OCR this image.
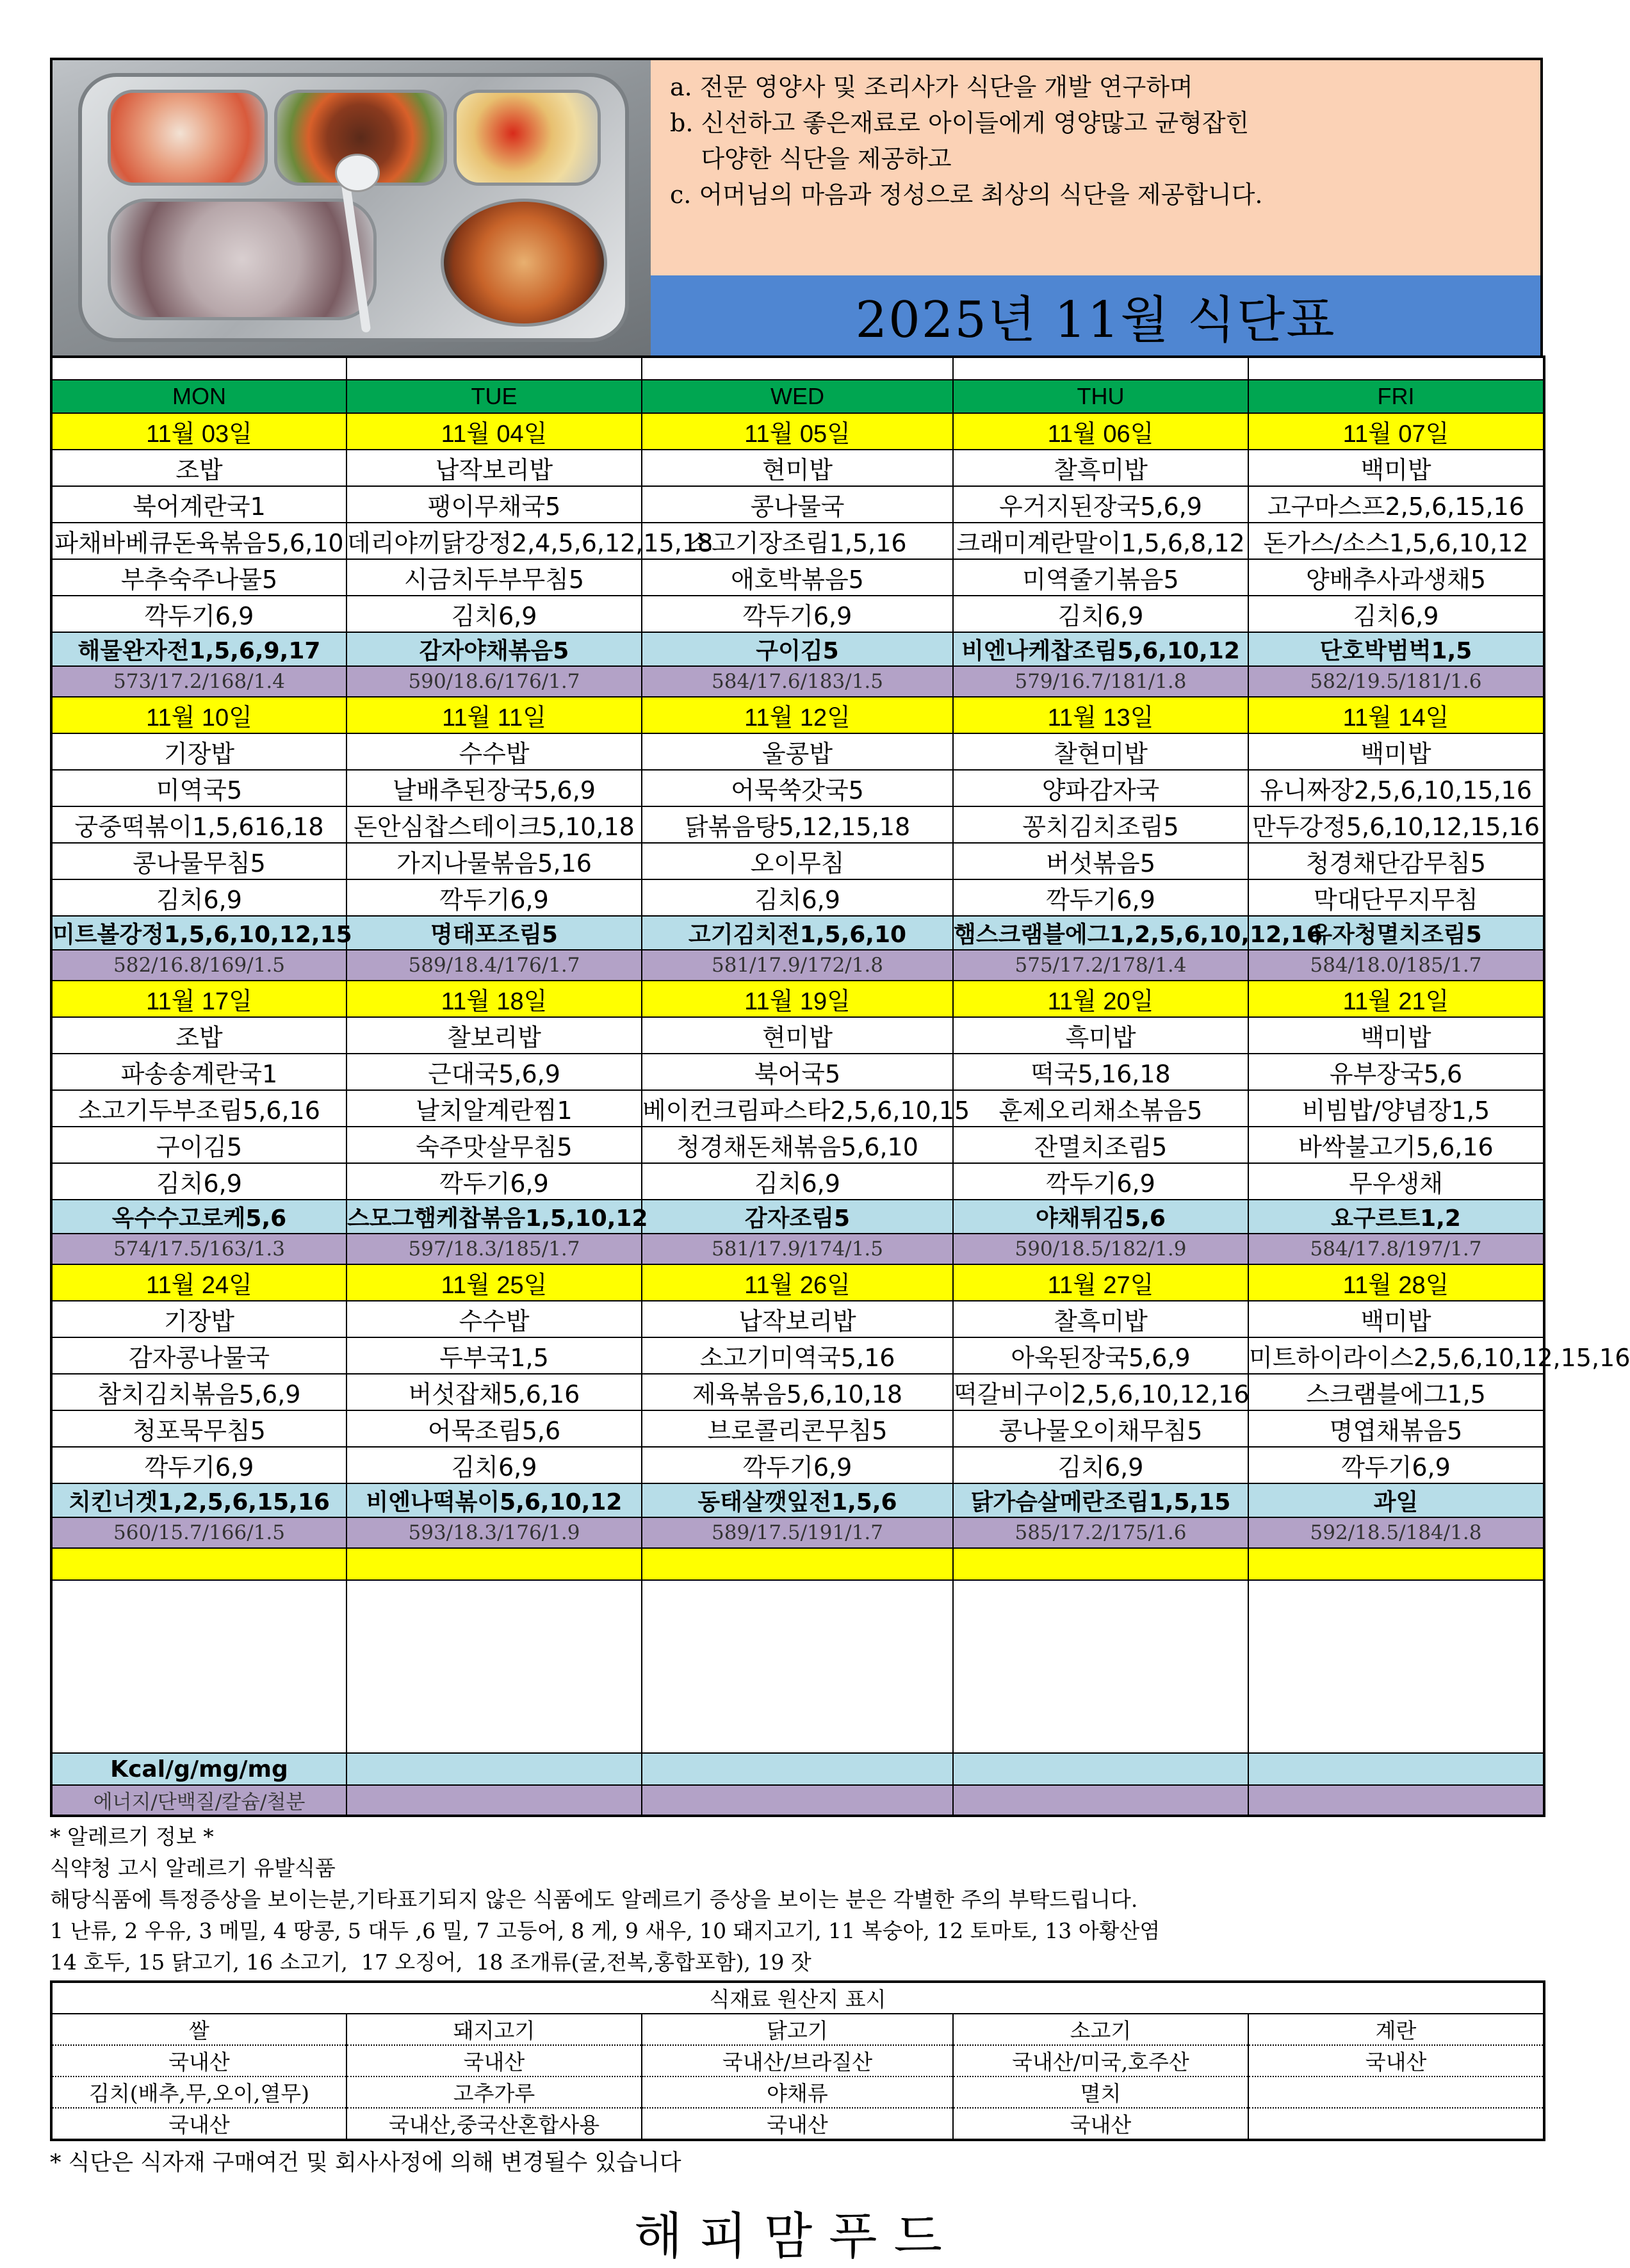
a. 전문 영양사 및 조리사가 식단을 개발 연구하며

b. 신선하고 좋은재료로 아이들에게 영양많고 균형잡힌

다양한 식단을 제공하고

c. 어머님의 마음과 정성으로 최상의 식단을 제공합니다.

2025년 11월 식단표

MON	TUE	WED	THU	FRI
11월 03일	11월 04일	11월 05일	11월 06일	11월 07일
조밥	납작보리밥	현미밥	찰흑미밥	백미밥
북어계란국1	팽이무채국5	콩나물국	우거지된장국5,6,9	고구마스프2,5,6,15,16
파채바베큐돈육볶음5,6,10	데리야끼닭강정2,4,5,6,12,15,18	소고기장조림1,5,16	크래미계란말이1,5,6,8,12	돈가스/소스1,5,6,10,12
부추숙주나물5	시금치두부무침5	애호박볶음5	미역줄기볶음5	양배추사과생채5
깍두기6,9	김치6,9	깍두기6,9	김치6,9	김치6,9
해물완자전1,5,6,9,17	감자야채볶음5	구이김5	비엔나케찹조림5,6,10,12	단호박범벅1,5
573/17.2/168/1.4	590/18.6/176/1.7	584/17.6/183/1.5	579/16.7/181/1.8	582/19.5/181/1.6
11월 10일	11월 11일	11월 12일	11월 13일	11월 14일
기장밥	수수밥	울콩밥	찰현미밥	백미밥
미역국5	날배추된장국5,6,9	어묵쑥갓국5	양파감자국	유니짜장2,5,6,10,15,16
궁중떡볶이1,5,616,18	돈안심찹스테이크5,10,18	닭볶음탕5,12,15,18	꽁치김치조림5	만두강정5,6,10,12,15,16
콩나물무침5	가지나물볶음5,16	오이무침	버섯볶음5	청경채단감무침5
김치6,9	깍두기6,9	김치6,9	깍두기6,9	막대단무지무침
미트볼강정1,5,6,10,12,15	명태포조림5	고기김치전1,5,6,10	햄스크램블에그1,2,5,6,10,12,16	유자청멸치조림5
582/16.8/169/1.5	589/18.4/176/1.7	581/17.9/172/1.8	575/17.2/178/1.4	584/18.0/185/1.7
11월 17일	11월 18일	11월 19일	11월 20일	11월 21일
조밥	찰보리밥	현미밥	흑미밥	백미밥
파송송계란국1	근대국5,6,9	북어국5	떡국5,16,18	유부장국5,6
소고기두부조림5,6,16	날치알계란찜1	베이컨크림파스타2,5,6,10,15	훈제오리채소볶음5	비빔밥/양념장1,5
구이김5	숙주맛살무침5	청경채돈채볶음5,6,10	잔멸치조림5	바싹불고기5,6,16
김치6,9	깍두기6,9	김치6,9	깍두기6,9	무우생채
옥수수고로케5,6	스모그햄케찹볶음1,5,10,12	감자조림5	야채튀김5,6	요구르트1,2
574/17.5/163/1.3	597/18.3/185/1.7	581/17.9/174/1.5	590/18.5/182/1.9	584/17.8/197/1.7
11월 24일	11월 25일	11월 26일	11월 27일	11월 28일
기장밥	수수밥	납작보리밥	찰흑미밥	백미밥
감자콩나물국	두부국1,5	소고기미역국5,16	아욱된장국5,6,9	미트하이라이스2,5,6,10,12,15,16
참치김치볶음5,6,9	버섯잡채5,6,16	제육볶음5,6,10,18	떡갈비구이2,5,6,10,12,16	스크램블에그1,5
청포묵무침5	어묵조림5,6	브로콜리콘무침5	콩나물오이채무침5	명엽채볶음5
깍두기6,9	김치6,9	깍두기6,9	김치6,9	깍두기6,9
치킨너겟1,2,5,6,15,16	비엔나떡볶이5,6,10,12	동태살깻잎전1,5,6	닭가슴살메란조림1,5,15	과일
560/15.7/166/1.5	593/18.3/176/1.9	589/17.5/191/1.7	585/17.2/175/1.6	592/18.5/184/1.8

Kcal/g/mg/mg				
에너지/단백질/칼슘/철분				

* 알레르기 정보 *

식약청 고시 알레르기 유발식품

해당식품에 특정증상을 보이는분,기타표기되지 않은 식품에도 알레르기 증상을 보이는 분은 각별한 주의 부탁드립니다.

1 난류, 2 우유, 3 메밀, 4 땅콩, 5 대두 ,6 밀, 7 고등어, 8 게, 9 새우, 10 돼지고기, 11 복숭아, 12 토마토, 13 아황산염

14 호두, 15 닭고기, 16 소고기,  17 오징어,  18 조개류(굴,전복,홍합포함), 19 잣

식재료 원산지 표시				
쌀	돼지고기	닭고기	소고기	계란
국내산	국내산	국내산/브라질산	국내산/미국,호주산	국내산
김치(배추,무,오이,열무)	고추가루	야채류	멸치	
국내산	국내산,중국산혼합사용	국내산	국내산	
* 식단은 식자재 구매여건 및 회사사정에 의해 변경될수 있습니다
해피맘푸드
